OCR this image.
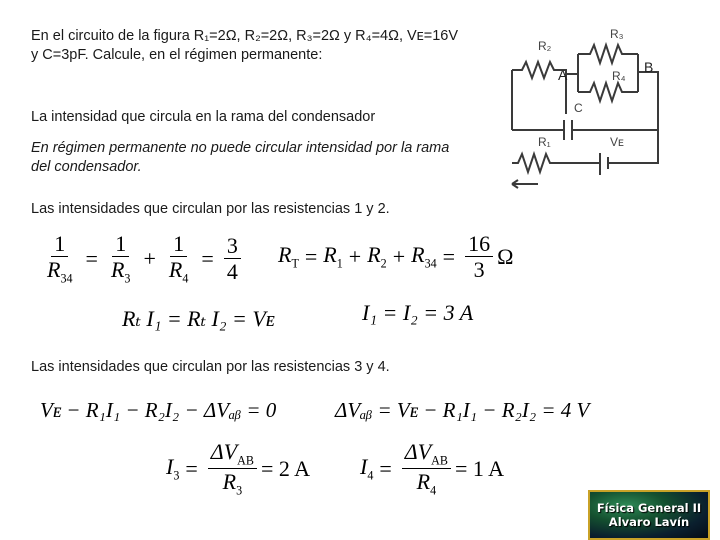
En el circuito de la figura R₁=2Ω, R₂=2Ω, R₃=2Ω y R₄=4Ω, Vᴇ=16V
y C=3pF. Calcule, en el régimen permanente:
R₃
R₂
R₄
A	B
C
R₁	Vᴇ
La intensidad que circula en la rama del condensador
En régimen permanente no puede circular intensidad por la rama del condensador.
Las intensidades que circulan por las resistencias 1 y 2.
$\frac{1}{R_{34}} = \frac{1}{R_3} + \frac{1}{R_4} = \frac{3}{4} R_T = R_1 + R_2 + R_{34} = \frac{16}{3}$ Ω
Rₜ I₁ = Rₜ I₂ = Vᴇ	I₁ = I₂ = 3 A
Las intensidades que circulan por las resistencias 3 y 4.
Vᴇ − R₁I₁ − R₂I₂ − ΔVₐᵦ = 0	ΔVₐᵦ = Vᴇ − R₁I₁ − R₂I₂ = 4 V
$I_3 = \frac{\Delta V_{AB}}{R_3} = 2$ A $I_4 = \frac{\Delta V_{AB}}{R_4} = 1$ A
Física General II
Alvaro Lavín
